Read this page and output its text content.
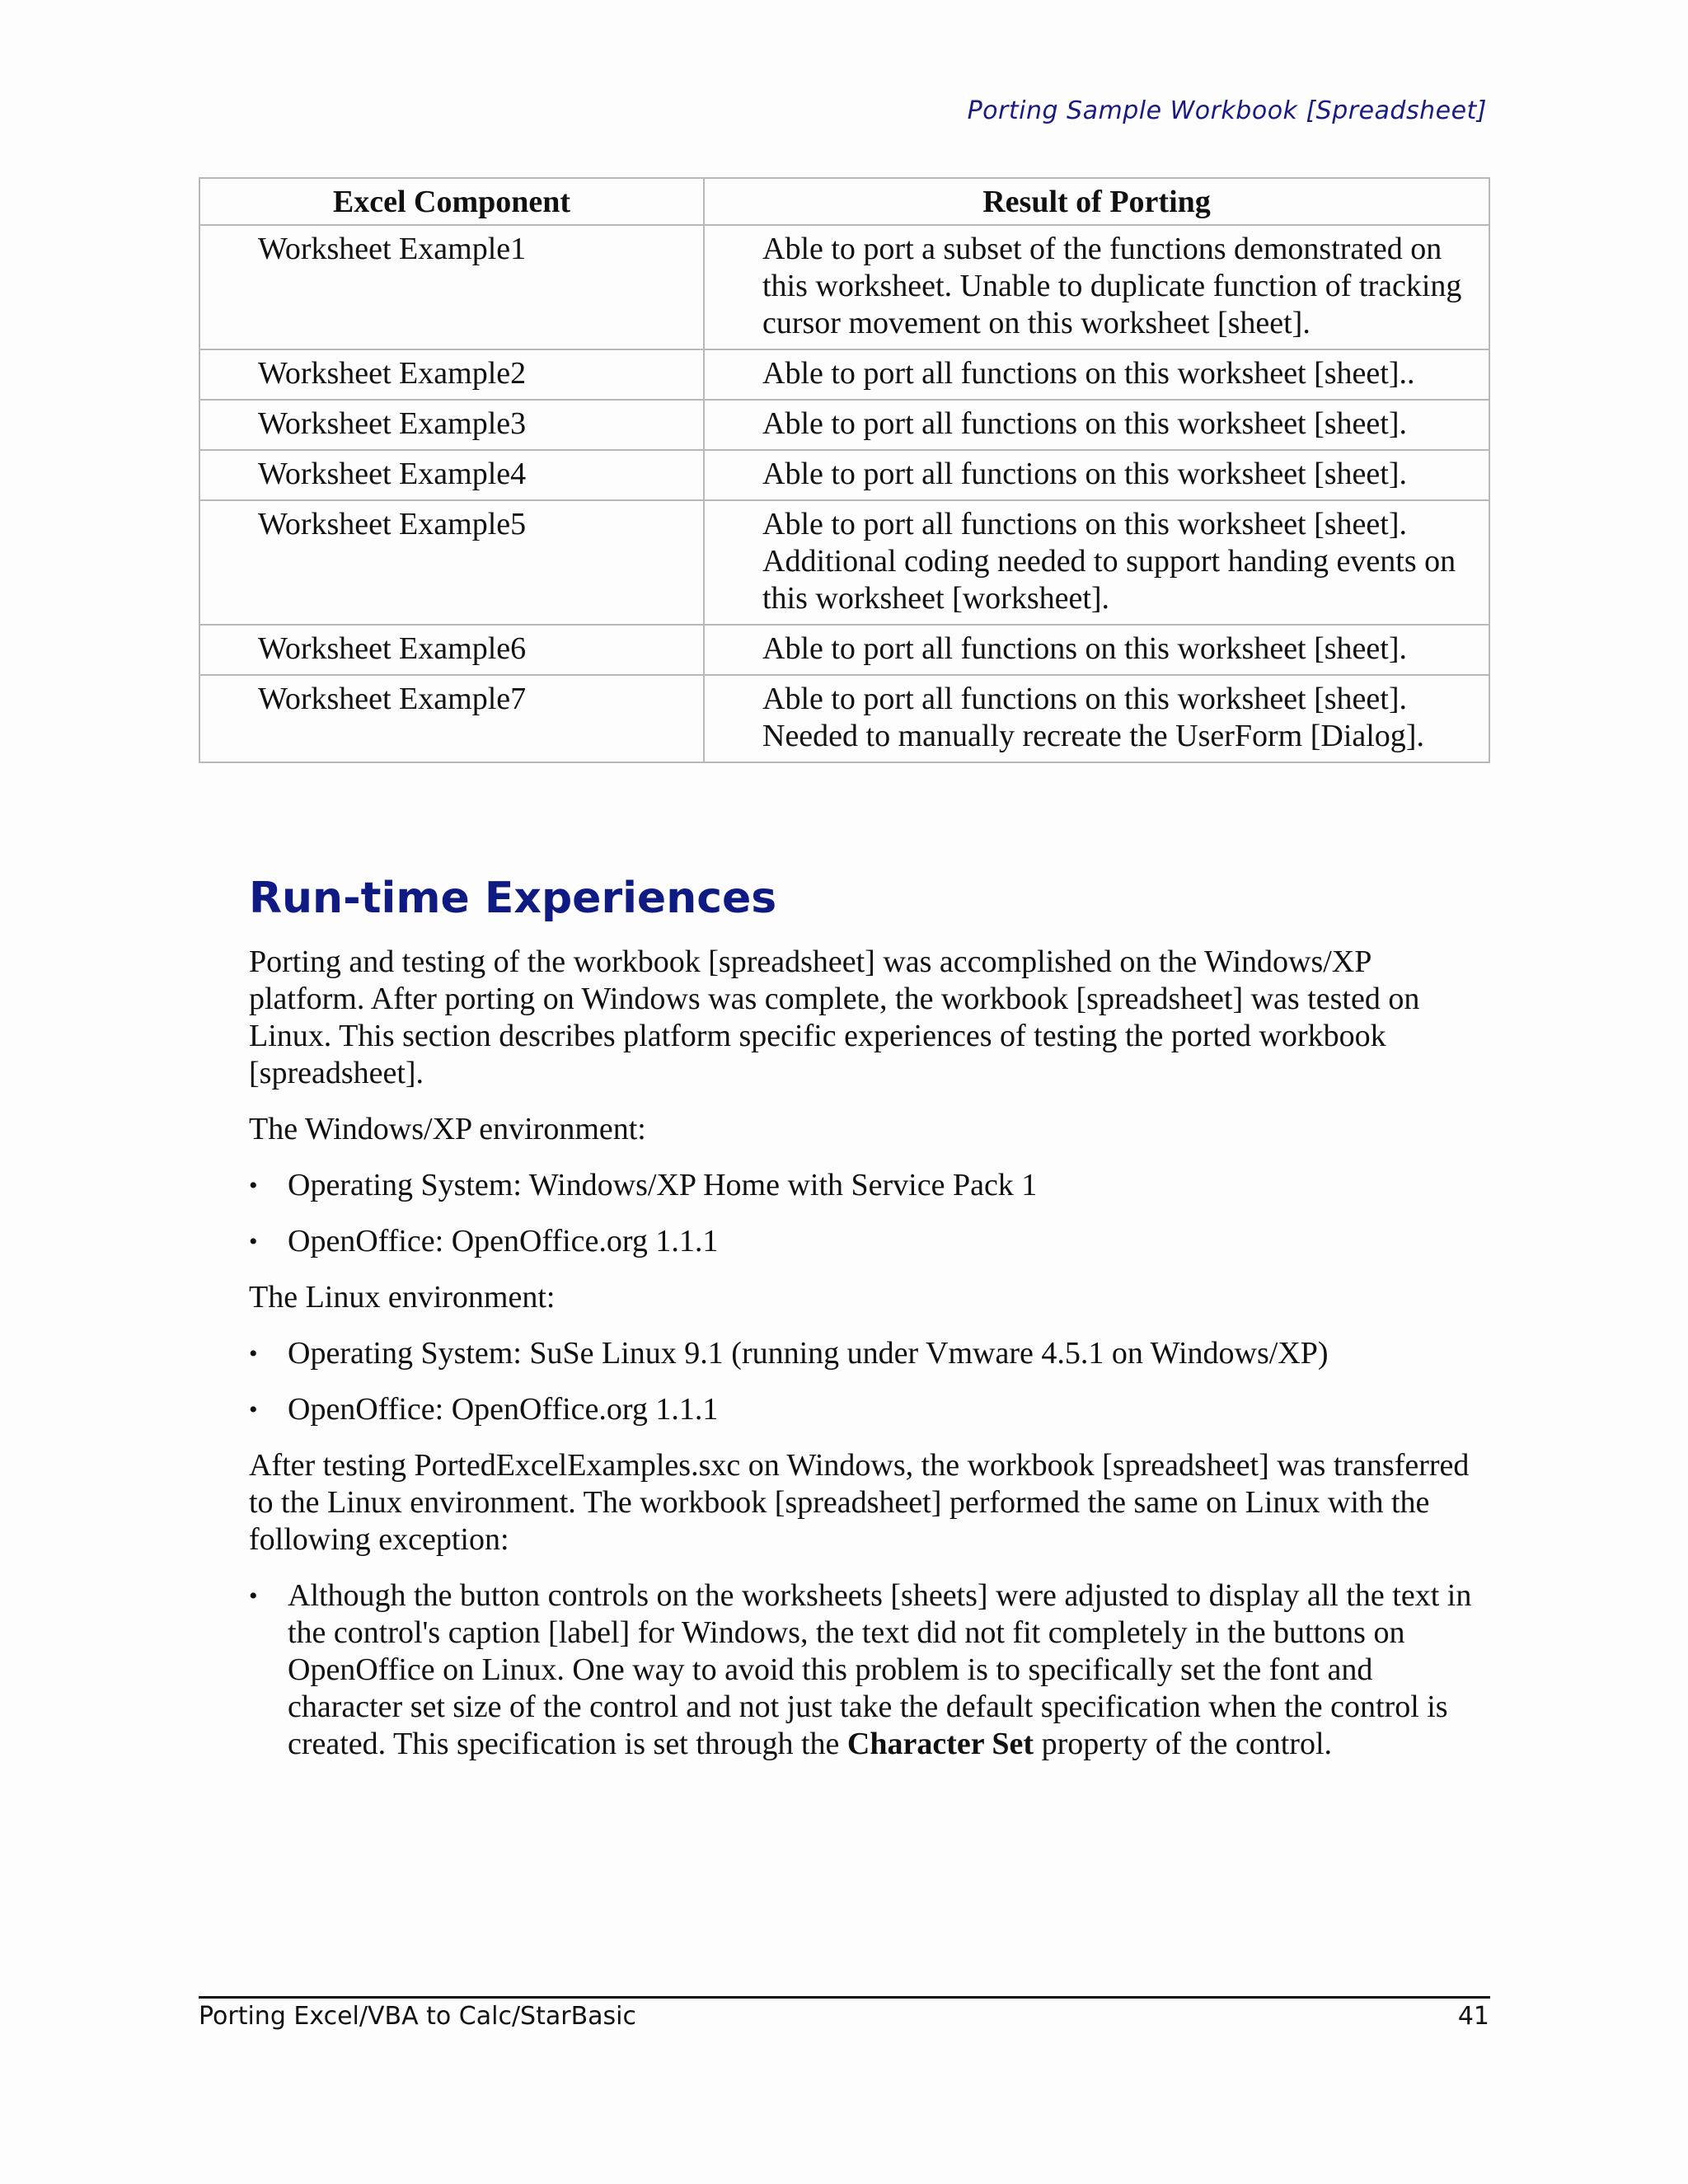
Porting Sample Workbook [Spreadsheet]
Excel Component	Result of Porting
Worksheet Example1	Able to port a subset of the functions demonstrated on this worksheet. Unable to duplicate function of tracking cursor movement on this worksheet [sheet].
Worksheet Example2	Able to port all functions on this worksheet [sheet]..
Worksheet Example3	Able to port all functions on this worksheet [sheet].
Worksheet Example4	Able to port all functions on this worksheet [sheet].
Worksheet Example5	Able to port all functions on this worksheet [sheet]. Additional coding needed to support handing events on this worksheet [worksheet].
Worksheet Example6	Able to port all functions on this worksheet [sheet].
Worksheet Example7	Able to port all functions on this worksheet [sheet]. Needed to manually recreate the UserForm [Dialog].
Run-time Experiences

Porting and testing of the workbook [spreadsheet] was accomplished on the Windows/XP platform. After porting on Windows was complete, the workbook [spreadsheet] was tested on Linux. This section describes platform specific experiences of testing the ported workbook [spreadsheet].

The Windows/XP environment:

• Operating System: Windows/XP Home with Service Pack 1
• OpenOffice: OpenOffice.org 1.1.1

The Linux environment:

• Operating System: SuSe Linux 9.1 (running under Vmware 4.5.1 on Windows/XP)
• OpenOffice: OpenOffice.org 1.1.1

After testing PortedExcelExamples.sxc on Windows, the workbook [spreadsheet] was transferred to the Linux environment. The workbook [spreadsheet] performed the same on Linux with the following exception:

• Although the button controls on the worksheets [sheets] were adjusted to display all the text in the control's caption [label] for Windows, the text did not fit completely in the buttons on OpenOffice on Linux. One way to avoid this problem is to specifically set the font and character set size of the control and not just take the default specification when the control is created. This specification is set through the Character Set property of the control.
Porting Excel/VBA to Calc/StarBasic	41
